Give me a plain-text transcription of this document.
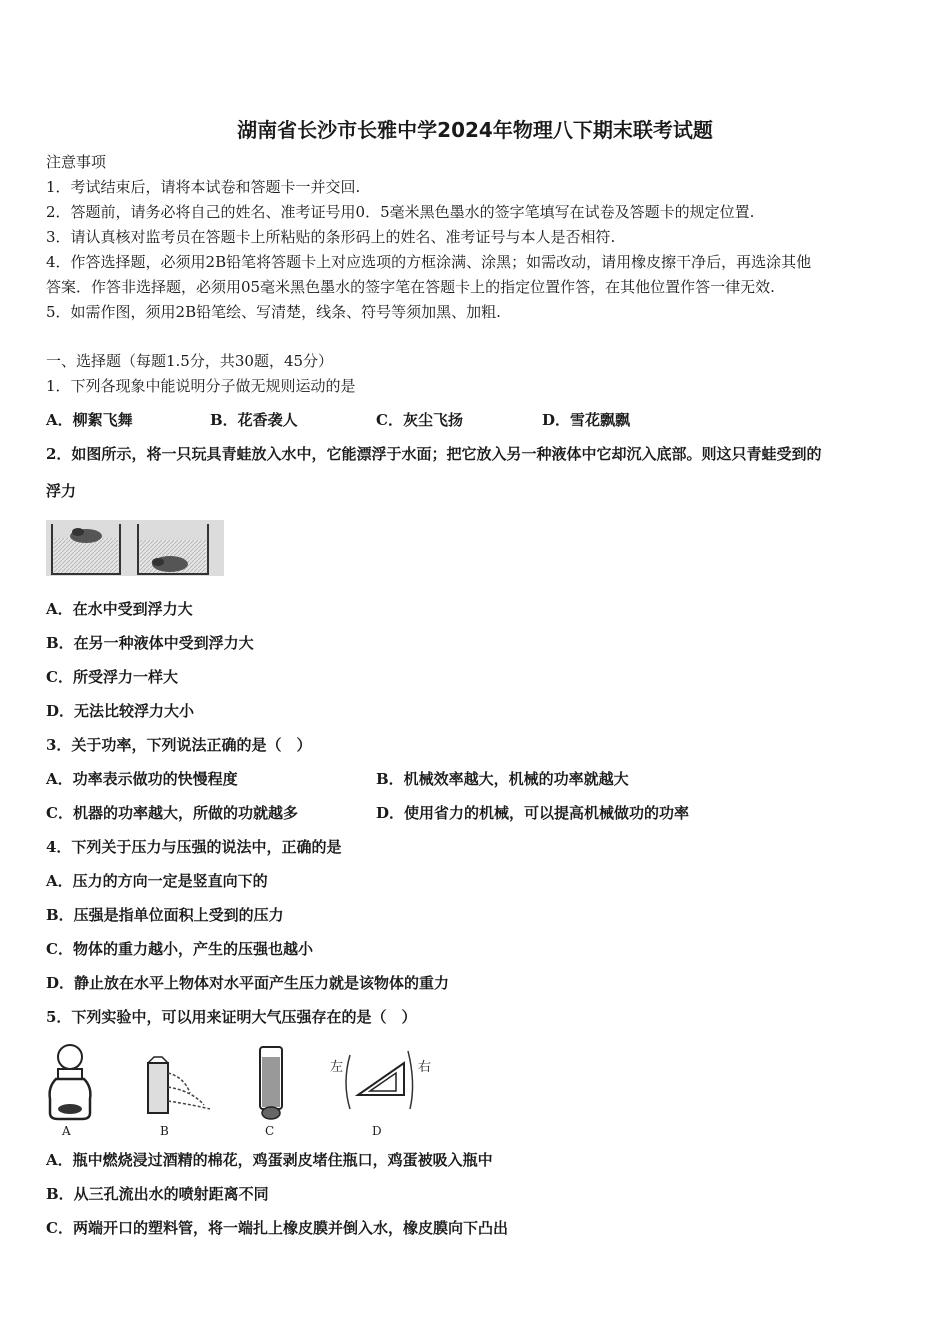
湖南省长沙市长雅中学2024年物理八下期末联考试题
注意事项
1．考试结束后，请将本试卷和答题卡一并交回.
2．答题前，请务必将自己的姓名、准考证号用0．5毫米黑色墨水的签字笔填写在试卷及答题卡的规定位置.
3．请认真核对监考员在答题卡上所粘贴的条形码上的姓名、准考证号与本人是否相符.
4．作答选择题，必须用2B铅笔将答题卡上对应选项的方框涂满、涂黑；如需改动，请用橡皮擦干净后，再选涂其他
答案．作答非选择题，必须用05毫米黑色墨水的签字笔在答题卡上的指定位置作答，在其他位置作答一律无效.
5．如需作图，须用2B铅笔绘、写清楚，线条、符号等须加黑、加粗.
一、选择题（每题1.5分，共30题，45分）
1．下列各现象中能说明分子做无规则运动的是
A．柳絮飞舞	B．花香袭人	C．灰尘飞扬	D．雪花飘飘
2．如图所示，将一只玩具青蛙放入水中，它能漂浮于水面；把它放入另一种液体中它却沉入底部。则这只青蛙受到的
浮力
A．在水中受到浮力大
B．在另一种液体中受到浮力大
C．所受浮力一样大
D．无法比较浮力大小
3．关于功率，下列说法正确的是（　）
A．功率表示做功的快慢程度	B．机械效率越大，机械的功率就越大
C．机器的功率越大，所做的功就越多	D．使用省力的机械，可以提高机械做功的功率
4．下列关于压力与压强的说法中，正确的是
A．压力的方向一定是竖直向下的
B．压强是指单位面积上受到的压力
C．物体的重力越小，产生的压强也越小
D．静止放在水平上物体对水平面产生压力就是该物体的重力
5．下列实验中，可以用来证明大气压强存在的是（　）
左	右
A	B	C	D
A．瓶中燃烧浸过酒精的棉花，鸡蛋剥皮堵住瓶口，鸡蛋被吸入瓶中
B．从三孔流出水的喷射距离不同
C．两端开口的塑料管，将一端扎上橡皮膜并倒入水，橡皮膜向下凸出
